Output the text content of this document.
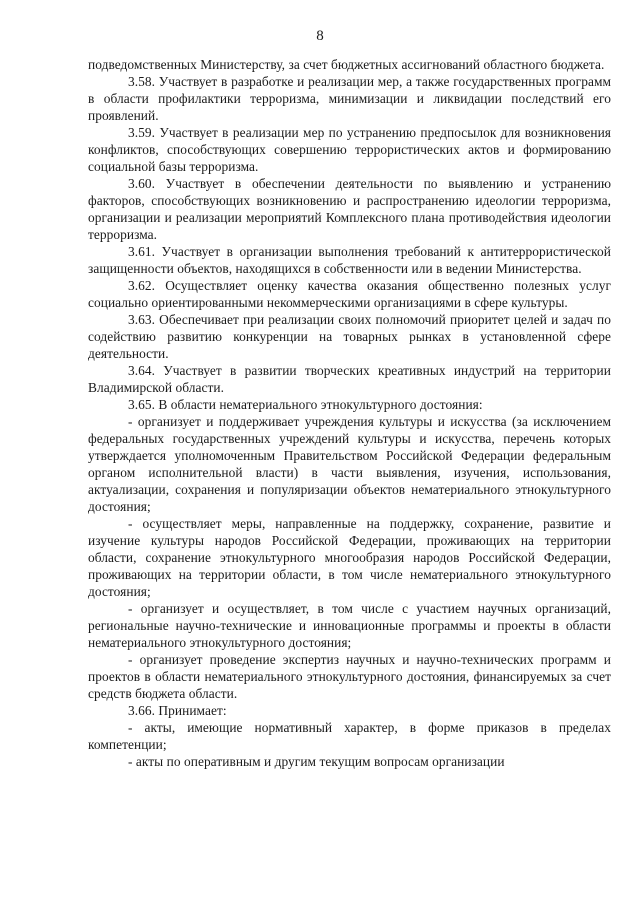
8

подведомственных Министерству, за счет бюджетных ассигнований областного бюджета.

3.58. Участвует в разработке и реализации мер, а также государственных программ в области профилактики терроризма, минимизации и ликвидации последствий его проявлений.

3.59. Участвует в реализации мер по устранению предпосылок для возникновения конфликтов, способствующих совершению террористических актов и формированию социальной базы терроризма.

3.60. Участвует в обеспечении деятельности по выявлению и устранению факторов, способствующих возникновению и распространению идеологии терроризма, организации и реализации мероприятий Комплексного плана противодействия идеологии терроризма.

3.61. Участвует в организации выполнения требований к антитеррористической защищенности объектов, находящихся в собственности или в ведении Министерства.

3.62. Осуществляет оценку качества оказания общественно полезных услуг социально ориентированными некоммерческими организациями в сфере культуры.

3.63. Обеспечивает при реализации своих полномочий приоритет целей и задач по содействию развитию конкуренции на товарных рынках в установленной сфере деятельности.

3.64. Участвует в развитии творческих креативных индустрий на территории Владимирской области.

3.65. В области нематериального этнокультурного достояния:

- организует и поддерживает учреждения культуры и искусства (за исключением федеральных государственных учреждений культуры и искусства, перечень которых утверждается уполномоченным Правительством Российской Федерации федеральным органом исполнительной власти) в части выявления, изучения, использования, актуализации, сохранения и популяризации объектов нематериального этнокультурного достояния;

- осуществляет меры, направленные на поддержку, сохранение, развитие и изучение культуры народов Российской Федерации, проживающих на территории области, сохранение этнокультурного многообразия народов Российской Федерации, проживающих на территории области, в том числе нематериального этнокультурного достояния;

- организует и осуществляет, в том числе с участием научных организаций, региональные научно-технические и инновационные программы и проекты в области нематериального этнокультурного достояния;

- организует проведение экспертиз научных и научно-технических программ и проектов в области нематериального этнокультурного достояния, финансируемых за счет средств бюджета области.

3.66. Принимает:

- акты, имеющие нормативный характер, в форме приказов в пределах компетенции;

- акты по оперативным и другим текущим вопросам организации
